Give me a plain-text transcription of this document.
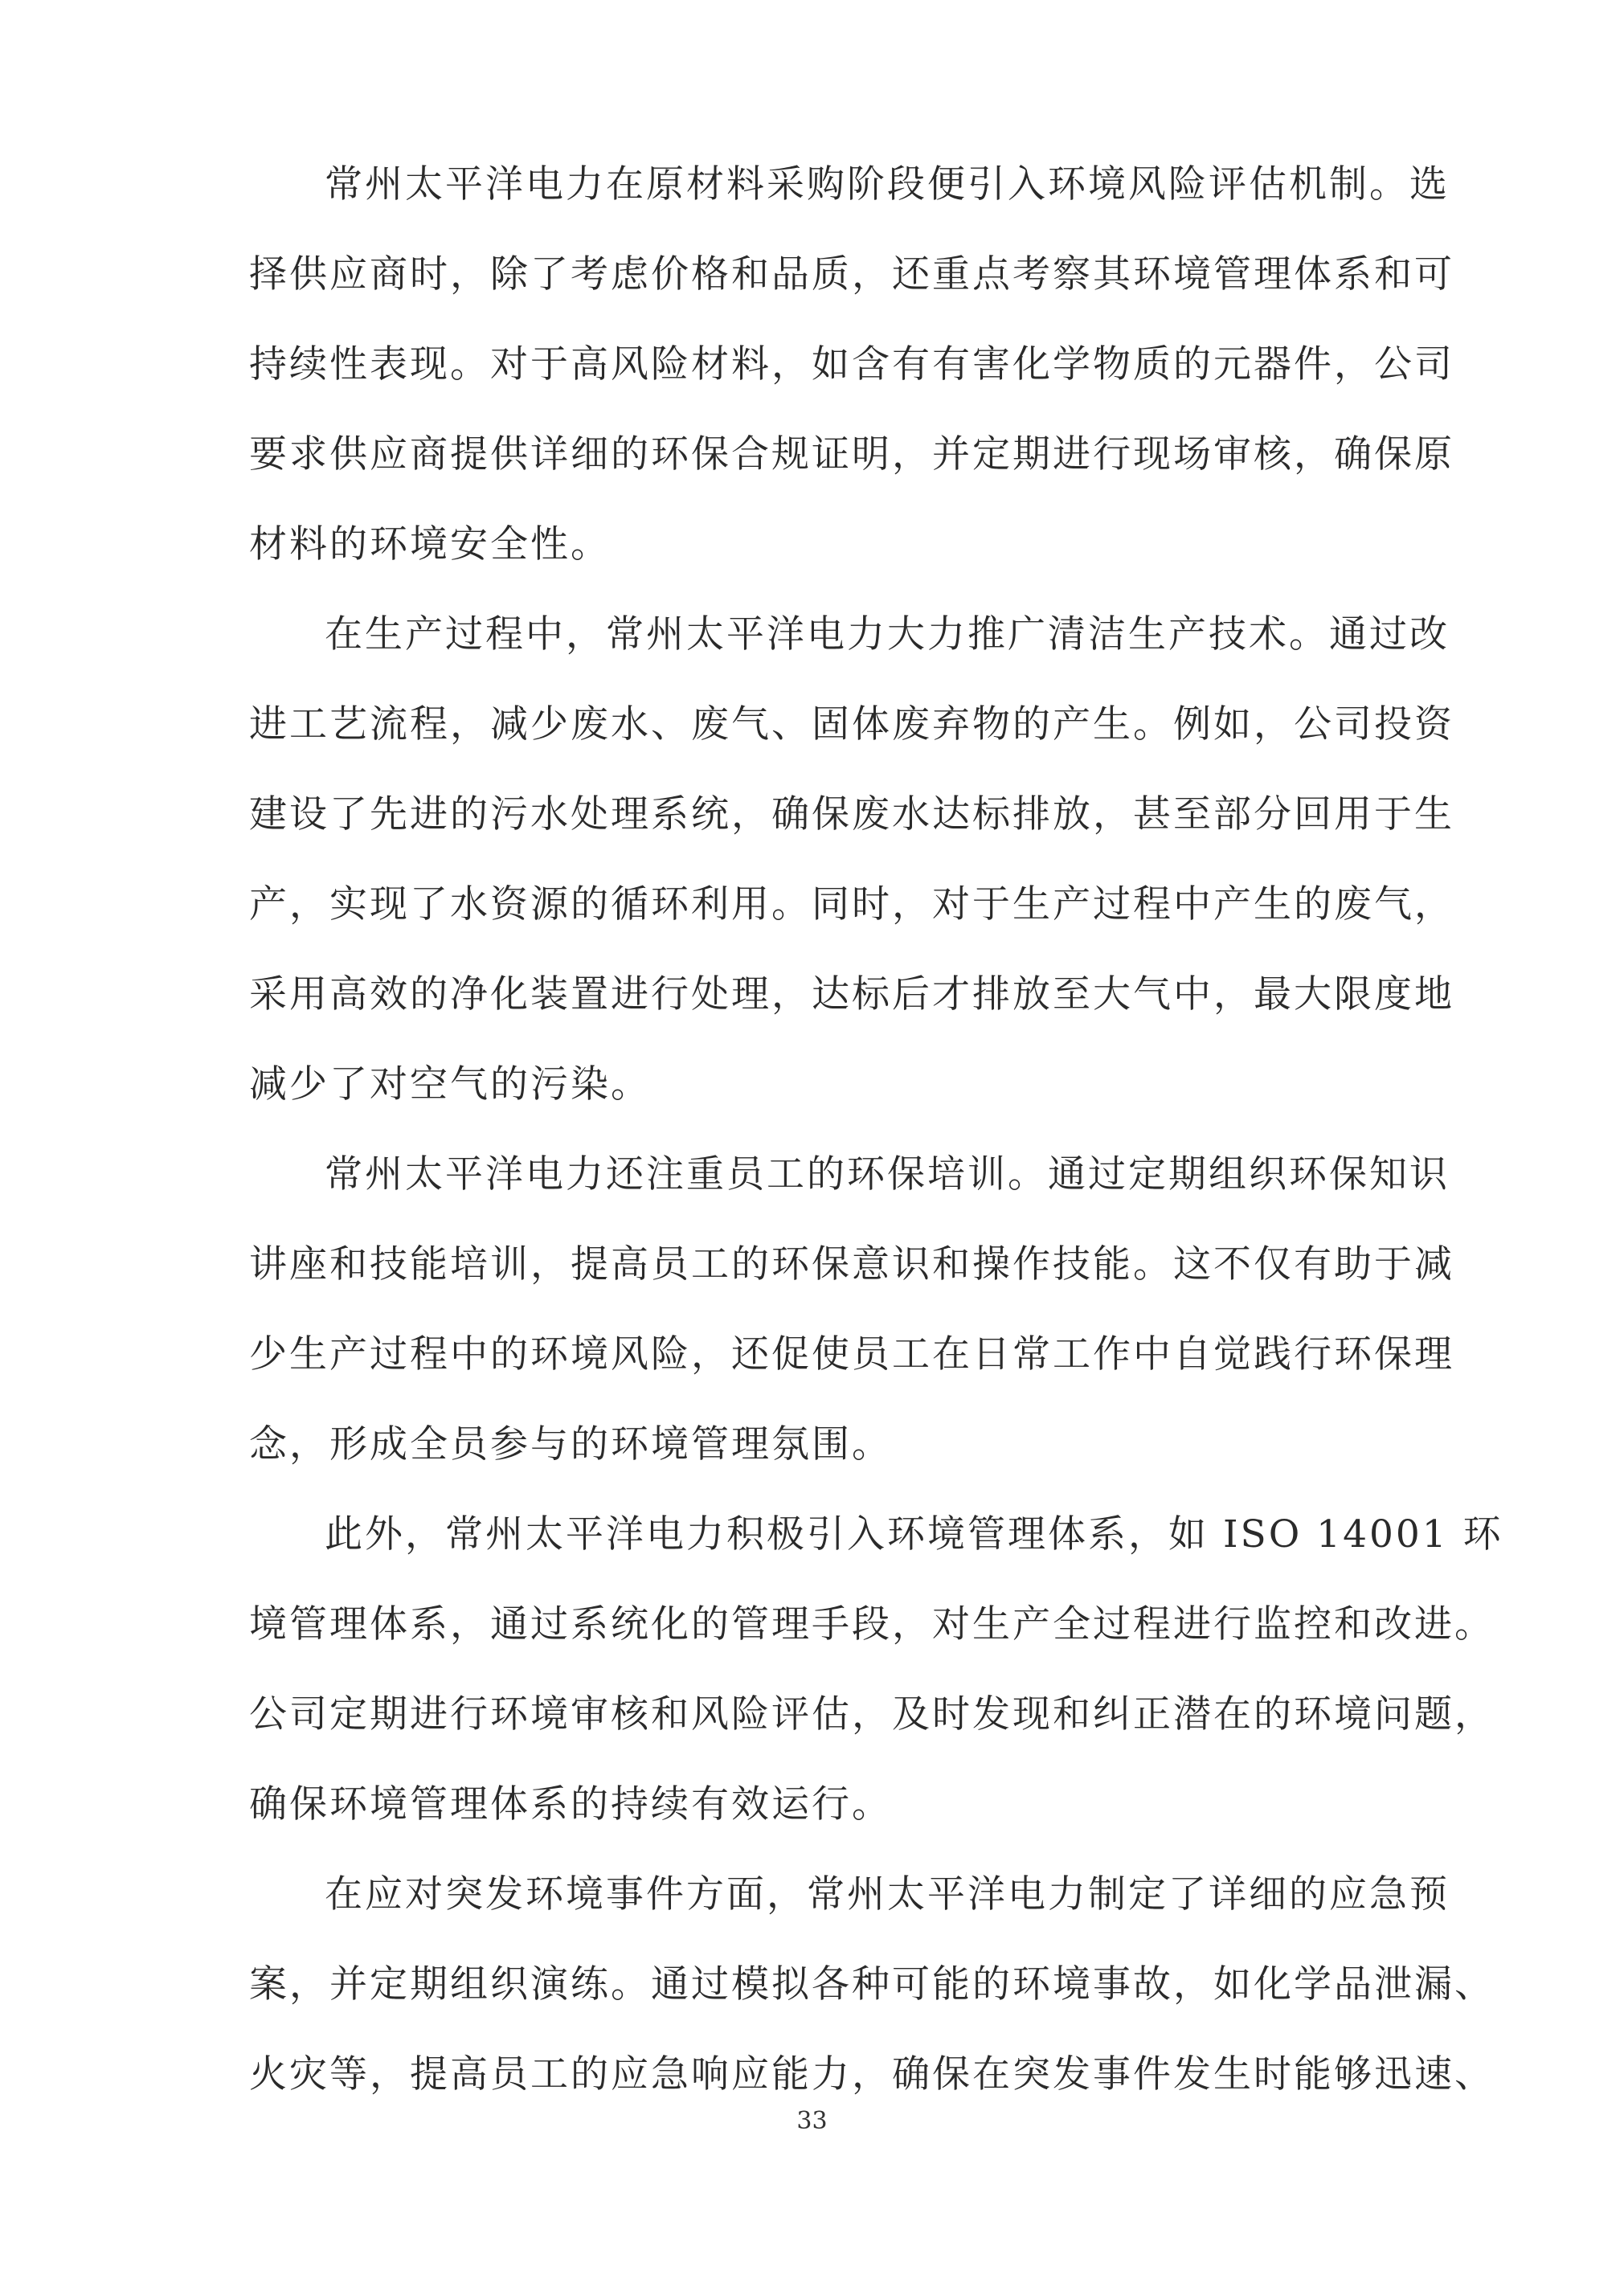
常州太平洋电力在原材料采购阶段便引入环境风险评估机制。选
择供应商时，除了考虑价格和品质，还重点考察其环境管理体系和可
持续性表现。对于高风险材料，如含有有害化学物质的元器件，公司
要求供应商提供详细的环保合规证明，并定期进行现场审核，确保原
材料的环境安全性。
在生产过程中，常州太平洋电力大力推广清洁生产技术。通过改
进工艺流程，减少废水、废气、固体废弃物的产生。例如，公司投资
建设了先进的污水处理系统，确保废水达标排放，甚至部分回用于生
产，实现了水资源的循环利用。同时，对于生产过程中产生的废气，
采用高效的净化装置进行处理，达标后才排放至大气中，最大限度地
减少了对空气的污染。
常州太平洋电力还注重员工的环保培训。通过定期组织环保知识
讲座和技能培训，提高员工的环保意识和操作技能。这不仅有助于减
少生产过程中的环境风险，还促使员工在日常工作中自觉践行环保理
念，形成全员参与的环境管理氛围。
此外，常州太平洋电力积极引入环境管理体系，如 ISO 14001 环
境管理体系，通过系统化的管理手段，对生产全过程进行监控和改进。
公司定期进行环境审核和风险评估，及时发现和纠正潜在的环境问题，
确保环境管理体系的持续有效运行。
在应对突发环境事件方面，常州太平洋电力制定了详细的应急预
案，并定期组织演练。通过模拟各种可能的环境事故，如化学品泄漏、
火灾等，提高员工的应急响应能力，确保在突发事件发生时能够迅速、
33
